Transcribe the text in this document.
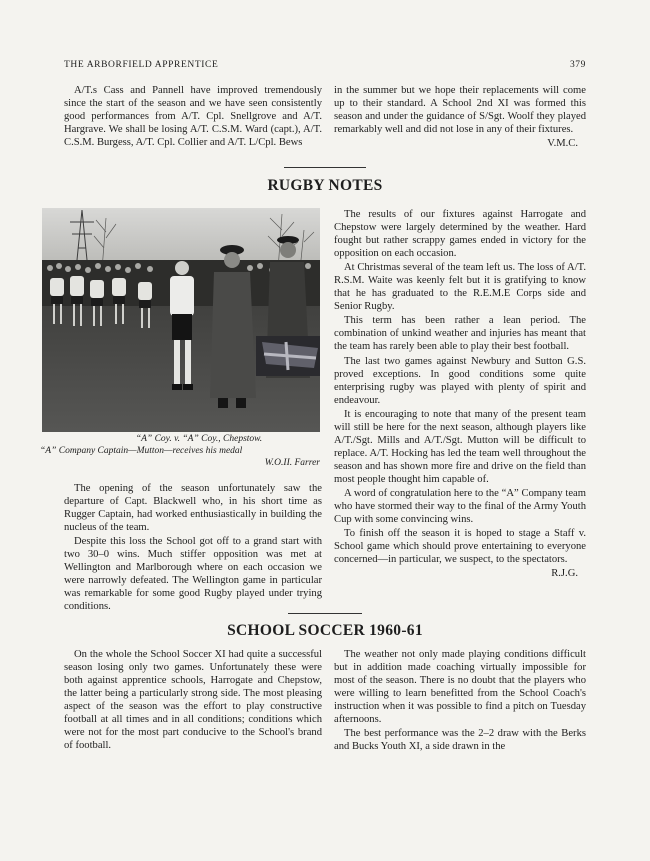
THE ARBORFIELD APPRENTICE	379

A/T.s Cass and Pannell have improved tremendously since the start of the season and we have seen consistently good performances from A/T. Cpl. Snellgrove and A/T. Hargrave. We shall be losing A/T. C.S.M. Ward (capt.), A/T. C.S.M. Burgess, A/T. Cpl. Collier and A/T. L/Cpl. Bews

in the summer but we hope their replacements will come up to their standard. A School 2nd XI was formed this season and under the guidance of S/Sgt. Woolf they played remarkably well and did not lose in any of their fixtures.

V.M.C.
RUGBY NOTES
“A” Coy. v. “A” Coy., Chepstow.
“A” Company Captain—Mutton—receives his medal
W.O.II. Farrer

The opening of the season unfortunately saw the departure of Capt. Blackwell who, in his short time as Rugger Captain, had worked enthusiastically in building the nucleus of the team.

Despite this loss the School got off to a grand start with two 30–0 wins. Much stiffer opposition was met at Wellington and Marlborough where on each occasion we were narrowly defeated. The Wellington game in particular was remarkable for some good Rugby played under trying conditions.

The results of our fixtures against Harrogate and Chepstow were largely determined by the weather. Hard fought but rather scrappy games ended in victory for the opposition on each occasion.

At Christmas several of the team left us. The loss of A/T. R.S.M. Waite was keenly felt but it is gratifying to know that he has graduated to the R.E.M.E Corps side and Senior Rugby.

This term has been rather a lean period. The combination of unkind weather and injuries has meant that the team has rarely been able to play their best football.

The last two games against Newbury and Sutton G.S. proved exceptions. In good conditions some quite enterprising rugby was played with plenty of spirit and endeavour.

It is encouraging to note that many of the present team will still be here for the next season, although players like A/T./Sgt. Mills and A/T./Sgt. Mutton will be difficult to replace. A/T. Hocking has led the team well throughout the season and has shown more fire and drive on the field than most people thought him capable of.

A word of congratulation here to the “A” Company team who have stormed their way to the final of the Army Youth Cup with some convincing wins.

To finish off the season it is hoped to stage a Staff v. School game which should prove entertaining to everyone concerned—in particular, we suspect, to the spectators.

R.J.G.
SCHOOL SOCCER 1960-61

On the whole the School Soccer XI had quite a successful season losing only two games. Unfortunately these were both against apprentice schools, Harrogate and Chepstow, the latter being a particularly strong side. The most pleasing aspect of the season was the effort to play constructive football at all times and in all conditions; conditions which were not for the most part conducive to the School's brand of football.

The weather not only made playing conditions difficult but in addition made coaching virtually impossible for most of the season. There is no doubt that the players who were willing to learn benefitted from the School Coach's instruction when it was possible to find a pitch on Tuesday afternoons.

The best performance was the 2–2 draw with the Berks and Bucks Youth XI, a side drawn in the
